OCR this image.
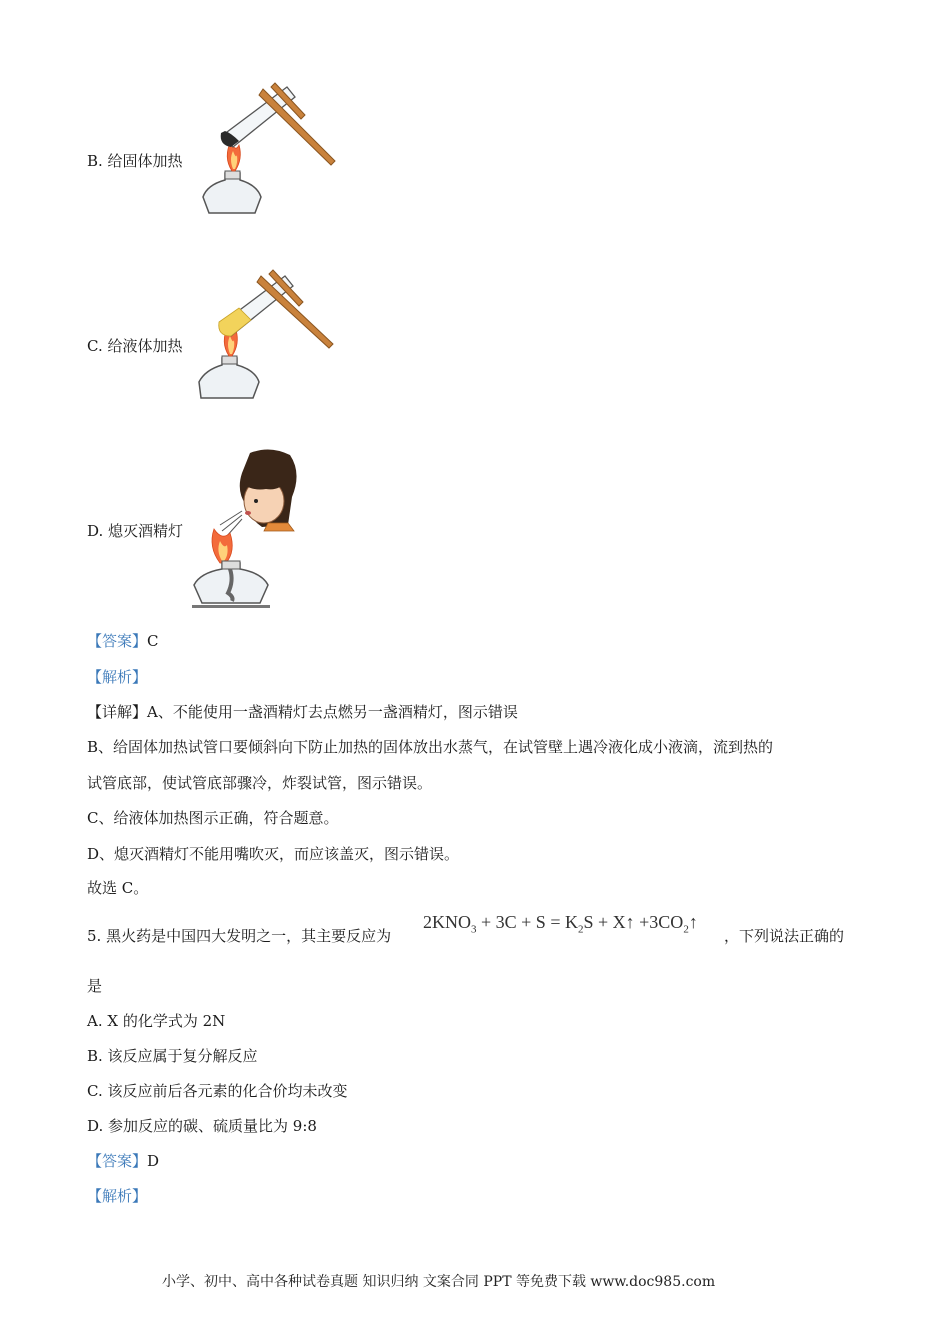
B. 给固体加热
C. 给液体加热
D. 熄灭酒精灯
【答案】C
【解析】
【详解】A、不能使用一盏酒精灯去点燃另一盏酒精灯，图示错误
B、给固体加热试管口要倾斜向下防止加热的固体放出水蒸气，在试管壁上遇冷液化成小液滴，流到热的
试管底部，使试管底部骤冷，炸裂试管，图示错误。
C、给液体加热图示正确，符合题意。
D、熄灭酒精灯不能用嘴吹灭，而应该盖灭，图示错误。
故选 C。
5. 黑火药是中国四大发明之一，其主要反应为
$2KNO_3 + 3C + S = K_2S$ + X↑ $+3CO_2↑$
，下列说法正确的
是
A. X 的化学式为 2N
B. 该反应属于复分解反应
C. 该反应前后各元素的化合价均未改变
D. 参加反应的碳、硫质量比为 9:8
【答案】D
【解析】
小学、初中、高中各种试卷真题 知识归纳 文案合同 PPT 等免费下载 www.doc985.com
